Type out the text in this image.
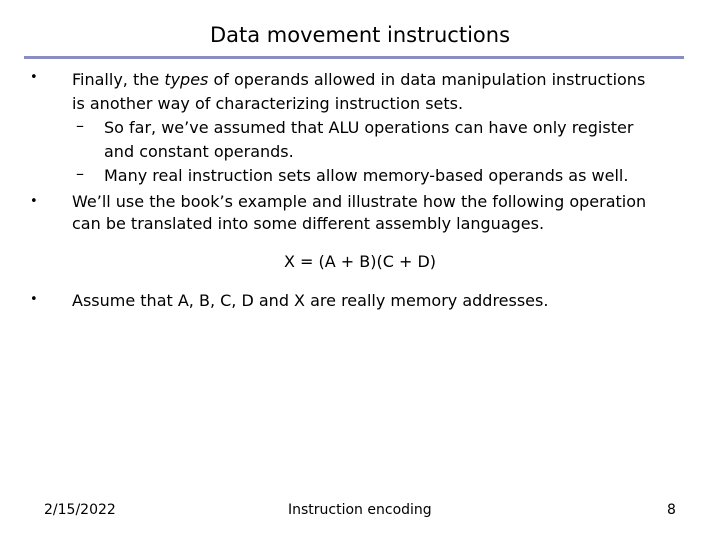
Data movement instructions
• Finally, the types of operands allowed in data manipulation instructions
is another way of characterizing instruction sets.
– So far, we’ve assumed that ALU operations can have only register
and constant operands.
– Many real instruction sets allow memory-based operands as well.
• We’ll use the book’s example and illustrate how the following operation
can be translated into some different assembly languages.
X = (A + B)(C + D)
• Assume that A, B, C, D and X are really memory addresses.
2/15/2022	Instruction encoding	8
